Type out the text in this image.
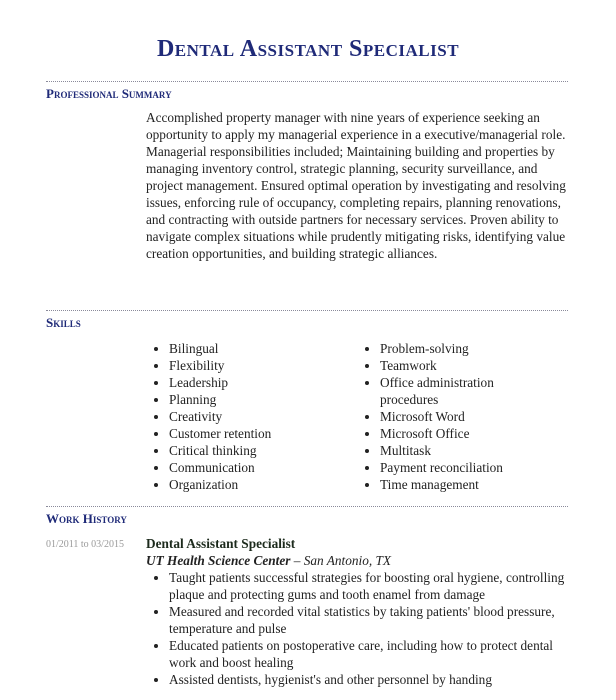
Dental Assistant Specialist
Professional Summary
Accomplished property manager with nine years of experience seeking an opportunity to apply my managerial experience in a executive/managerial role. Managerial responsibilities included; Maintaining building and properties by managing inventory control, strategic planning, security surveillance, and project management. Ensured optimal operation by investigating and resolving issues, enforcing rule of occupancy, completing repairs, planning renovations, and contracting with outside partners for necessary services. Proven ability to navigate complex situations while prudently mitigating risks, identifying value creation opportunities, and building strategic alliances.
Skills
Bilingual
Flexibility
Leadership
Planning
Creativity
Customer retention
Critical thinking
Communication
Organization
Problem-solving
Teamwork
Office administration procedures
Microsoft Word
Microsoft Office
Multitask
Payment reconciliation
Time management
Work History
01/2011 to 03/2015 Dental Assistant Specialist
UT Health Science Center – San Antonio, TX
Taught patients successful strategies for boosting oral hygiene, controlling plaque and protecting gums and tooth enamel from damage
Measured and recorded vital statistics by taking patients' blood pressure, temperature and pulse
Educated patients on postoperative care, including how to protect dental work and boost healing
Assisted dentists, hygienist's and other personnel by handing
